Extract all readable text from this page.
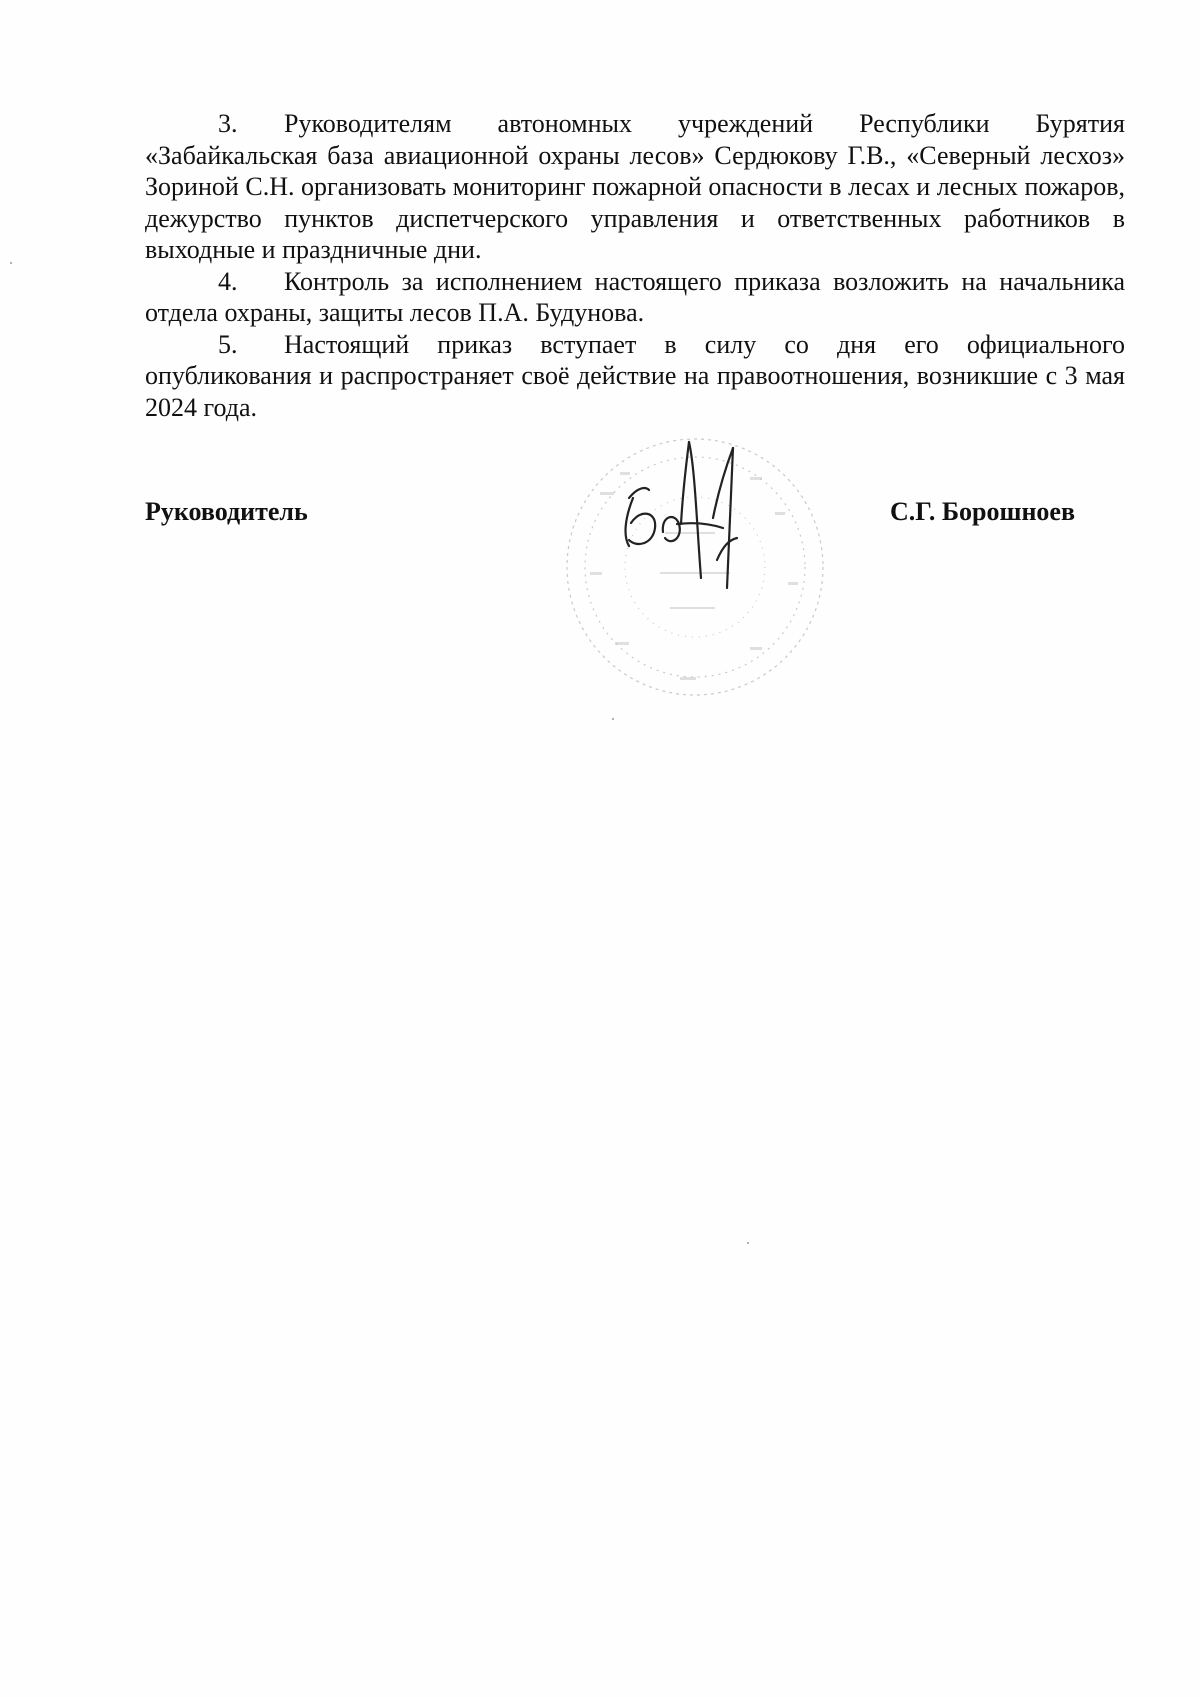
3. Руководителям автономных учреждений Республики Бурятия «Забайкальская база авиационной охраны лесов» Сердюкову Г.В., «Северный лесхоз» Зориной С.Н. организовать мониторинг пожарной опасности в лесах и лесных пожаров, дежурство пунктов диспетчерского управления и ответственных работников в выходные и праздничные дни.

4. Контроль за исполнением настоящего приказа возложить на начальника отдела охраны, защиты лесов П.А. Будунова.

5. Настоящий приказ вступает в силу со дня его официального опубликования и распространяет своё действие на правоотношения, возникшие с 3 мая 2024 года.

Руководитель	С.Г. Борошноев
